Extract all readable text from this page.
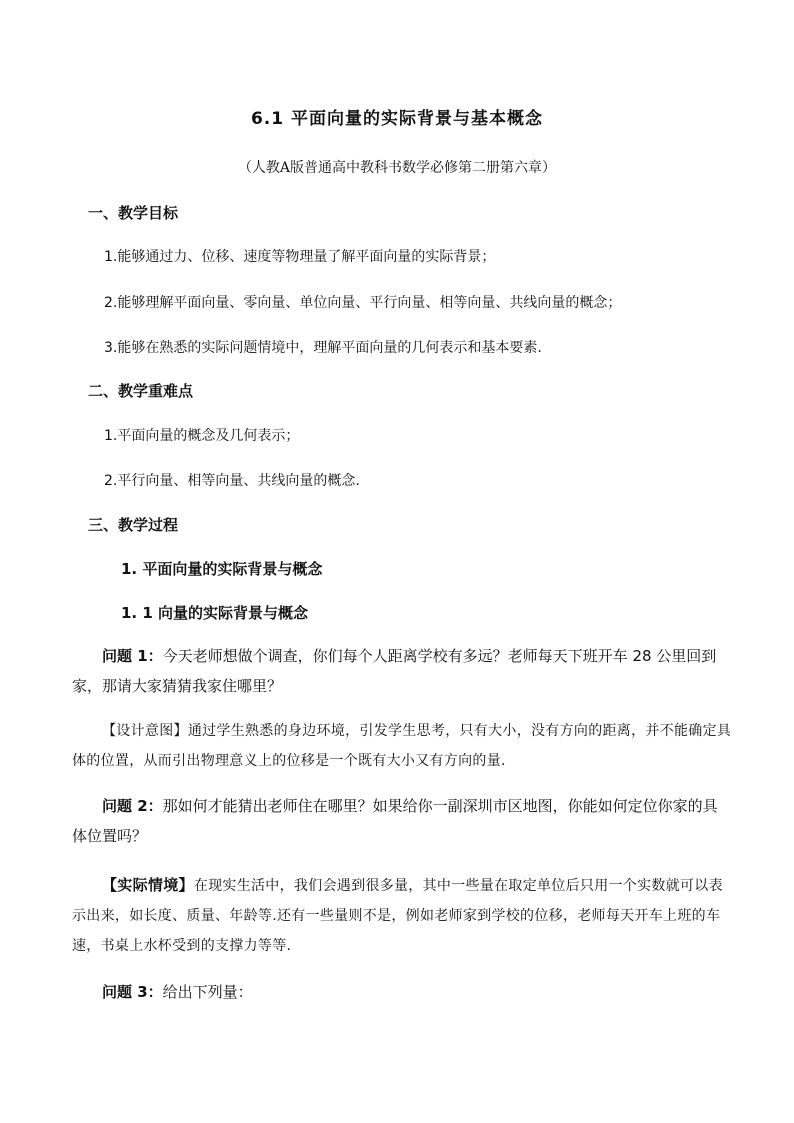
6.1 平面向量的实际背景与基本概念

（人教A版普通高中教科书数学必修第二册第六章）

一、教学目标

1.能够通过力、位移、速度等物理量了解平面向量的实际背景；

2.能够理解平面向量、零向量、单位向量、平行向量、相等向量、共线向量的概念；

3.能够在熟悉的实际问题情境中，理解平面向量的几何表示和基本要素.

二、教学重难点

1.平面向量的概念及几何表示；

2.平行向量、相等向量、共线向量的概念.

三、教学过程

1. 平面向量的实际背景与概念

1. 1 向量的实际背景与概念

问题 1：今天老师想做个调查，你们每个人距离学校有多远？老师每天下班开车 28 公里回到家，那请大家猜猜我家住哪里？

【设计意图】通过学生熟悉的身边环境，引发学生思考，只有大小，没有方向的距离，并不能确定具体的位置，从而引出物理意义上的位移是一个既有大小又有方向的量.

问题 2：那如何才能猜出老师住在哪里？如果给你一副深圳市区地图，你能如何定位你家的具体位置吗？

【实际情境】在现实生活中，我们会遇到很多量，其中一些量在取定单位后只用一个实数就可以表示出来，如长度、质量、年龄等.还有一些量则不是，例如老师家到学校的位移，老师每天开车上班的车速，书桌上水杯受到的支撑力等等.

问题 3：给出下列量：
